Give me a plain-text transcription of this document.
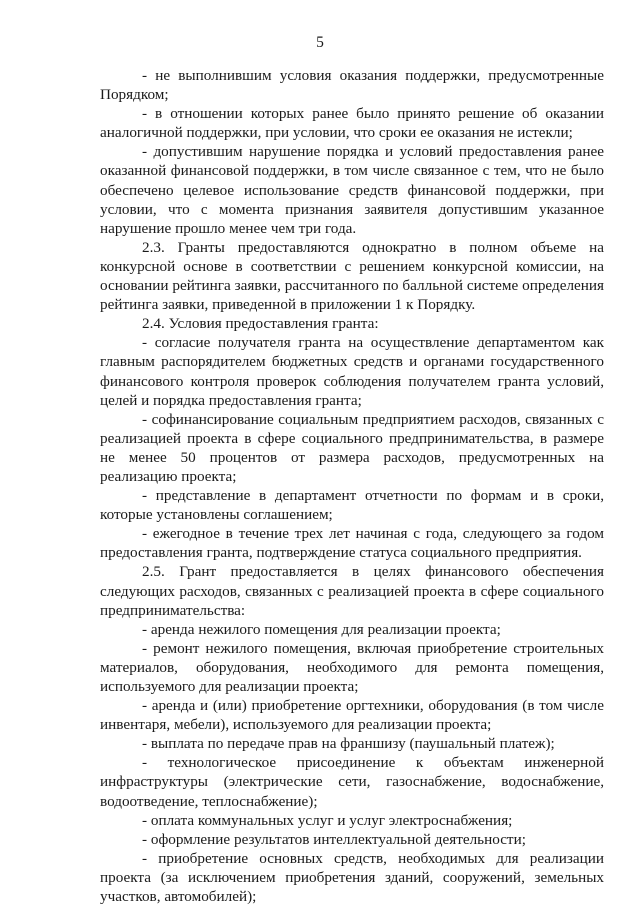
5

- не выполнившим условия оказания поддержки, предусмотренные Порядком;

- в отношении которых ранее было принято решение об оказании аналогичной поддержки, при условии, что сроки ее оказания не истекли;

- допустившим нарушение порядка и условий предоставления ранее оказанной финансовой поддержки, в том числе связанное с тем, что не было обеспечено целевое использование средств финансовой поддержки, при условии, что с момента признания заявителя допустившим указанное нарушение прошло менее чем три года.

2.3. Гранты предоставляются однократно в полном объеме на конкурсной основе в соответствии с решением конкурсной комиссии, на основании рейтинга заявки, рассчитанного по балльной системе определения рейтинга заявки, приведенной в приложении 1 к Порядку.

2.4. Условия предоставления гранта:

- согласие получателя гранта на осуществление департаментом как главным распорядителем бюджетных средств и органами государственного финансового контроля проверок соблюдения получателем гранта условий, целей и порядка предоставления гранта;

- софинансирование социальным предприятием расходов, связанных с реализацией проекта в сфере социального предпринимательства, в размере не менее 50 процентов от размера расходов, предусмотренных на реализацию проекта;

- представление в департамент отчетности по формам и в сроки, которые установлены соглашением;

- ежегодное в течение трех лет начиная с года, следующего за годом предоставления гранта, подтверждение статуса социального предприятия.

2.5. Грант предоставляется в целях финансового обеспечения следующих расходов, связанных с реализацией проекта в сфере социального предпринимательства:

- аренда нежилого помещения для реализации проекта;

- ремонт нежилого помещения, включая приобретение строительных материалов, оборудования, необходимого для ремонта помещения, используемого для реализации проекта;

- аренда и (или) приобретение оргтехники, оборудования (в том числе инвентаря, мебели), используемого для реализации проекта;

- выплата по передаче прав на франшизу (паушальный платеж);

- технологическое присоединение к объектам инженерной инфраструктуры (электрические сети, газоснабжение, водоснабжение, водоотведение, теплоснабжение);

- оплата коммунальных услуг и услуг электроснабжения;

- оформление результатов интеллектуальной деятельности;

- приобретение основных средств, необходимых для реализации проекта (за исключением приобретения зданий, сооружений, земельных участков, автомобилей);
